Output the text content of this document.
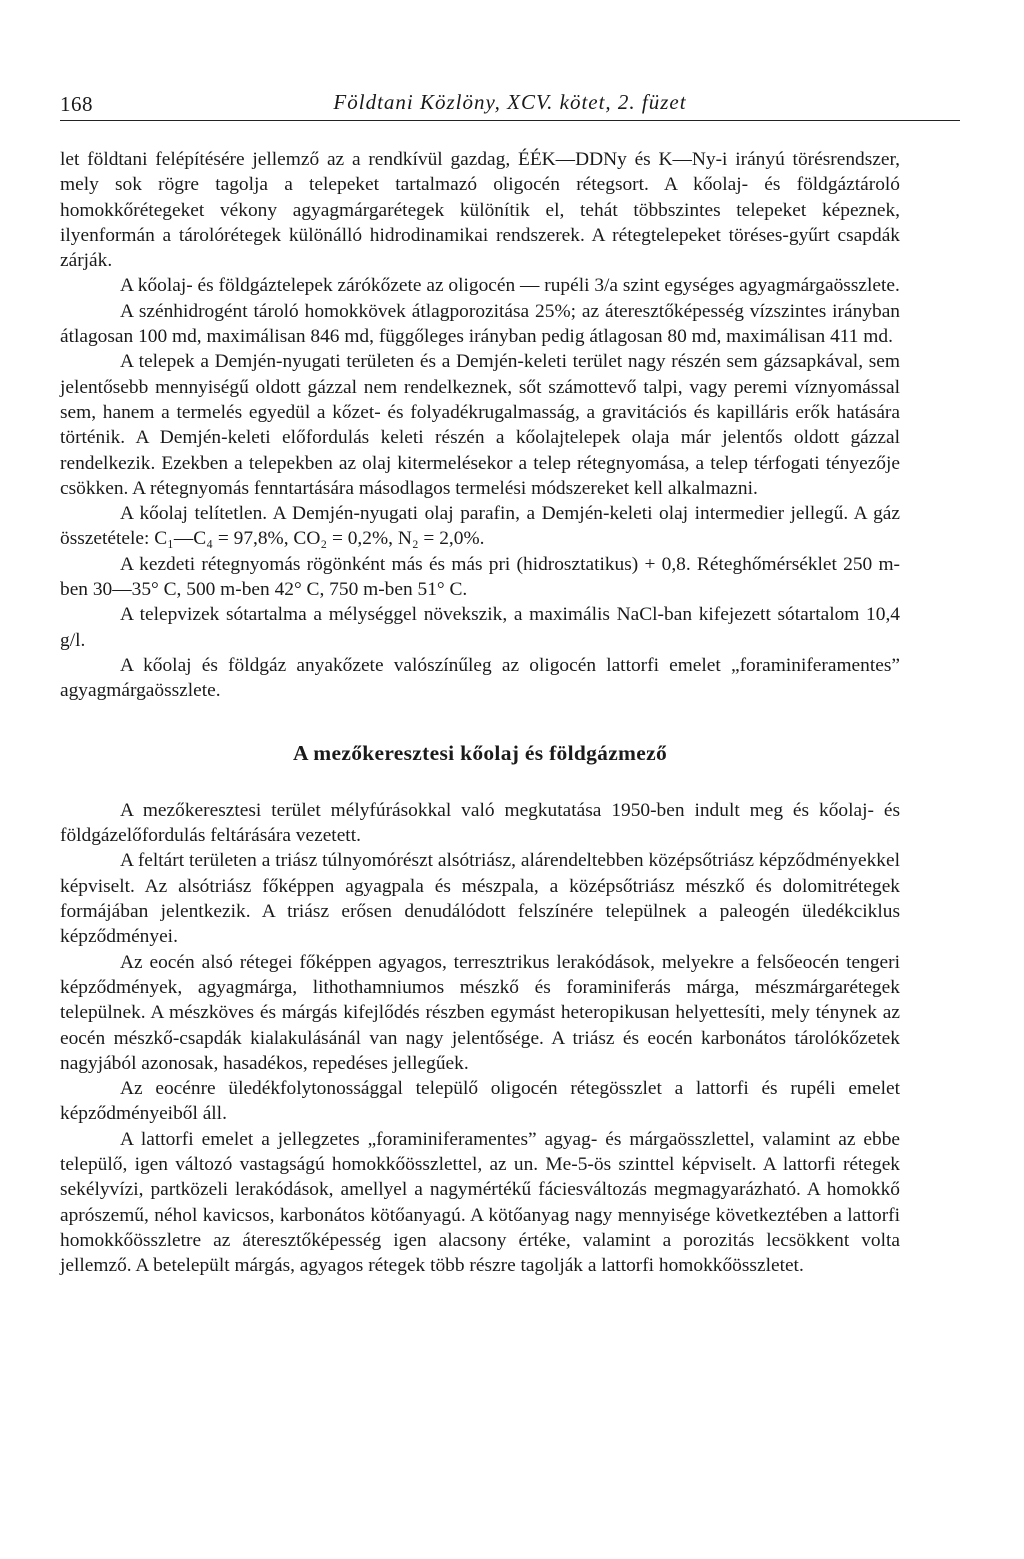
168	Földtani Közlöny, XCV. kötet, 2. füzet

let földtani felépítésére jellemző az a rendkívül gazdag, ÉÉK—DDNy és K—Ny-i irányú törésrendszer, mely sok rögre tagolja a telepeket tartalmazó oligocén rétegsort. A kőolaj- és földgáztároló homokkőrétegeket vékony agyagmárgarétegek különítik el, tehát többszintes telepeket képeznek, ilyenformán a tárolórétegek különálló hidrodinamikai rendszerek. A rétegtelepeket töréses-gyűrt csapdák zárják.

A kőolaj- és földgáztelepek zárókőzete az oligocén — rupéli 3/a szint egységes agyagmárgaösszlete.

A szénhidrogént tároló homokkövek átlagporozitása 25%; az áteresztőképesség vízszintes irányban átlagosan 100 md, maximálisan 846 md, függőleges irányban pedig átlagosan 80 md, maximálisan 411 md.

A telepek a Demjén-nyugati területen és a Demjén-keleti terület nagy részén sem gázsapkával, sem jelentősebb mennyiségű oldott gázzal nem rendelkeznek, sőt számottevő talpi, vagy peremi víznyomással sem, hanem a termelés egyedül a kőzet- és folyadékrugalmasság, a gravitációs és kapilláris erők hatására történik. A Demjén-keleti előfordulás keleti részén a kőolajtelepek olaja már jelentős oldott gázzal rendelkezik. Ezekben a telepekben az olaj kitermelésekor a telep rétegnyomása, a telep térfogati tényezője csökken. A rétegnyomás fenntartására másodlagos termelési módszereket kell alkalmazni.

A kőolaj telítetlen. A Demjén-nyugati olaj parafin, a Demjén-keleti olaj intermedier jellegű. A gáz összetétele: C₁—C₄ = 97,8%, CO₂ = 0,2%, N₂ = 2,0%.

A kezdeti rétegnyomás rögönként más és más pri (hidrosztatikus) + 0,8. Réteghőmérséklet 250 m-ben 30—35° C, 500 m-ben 42° C, 750 m-ben 51° C.

A telepvizek sótartalma a mélységgel növekszik, a maximális NaCl-ban kifejezett sótartalom 10,4 g/l.

A kőolaj és földgáz anyakőzete valószínűleg az oligocén lattorfi emelet „foraminiferamentes” agyagmárgaösszlete.

A mezőkeresztesi kőolaj és földgázmező

A mezőkeresztesi terület mélyfúrásokkal való megkutatása 1950-ben indult meg és kőolaj- és földgázelőfordulás feltárására vezetett.

A feltárt területen a triász túlnyomórészt alsótriász, alárendeltebben középsőtriász képződményekkel képviselt. Az alsótriász főképpen agyagpala és mészpala, a középsőtriász mészkő és dolomitrétegek formájában jelentkezik. A triász erősen denudálódott felszínére települnek a paleogén üledékciklus képződményei.

Az eocén alsó rétegei főképpen agyagos, terresztrikus lerakódások, melyekre a felsőeocén tengeri képződmények, agyagmárga, lithothamniumos mészkő és foraminiferás márga, mészmárgarétegek települnek. A mészköves és márgás kifejlődés részben egymást heteropikusan helyettesíti, mely ténynek az eocén mészkő-csapdák kialakulásánál van nagy jelentősége. A triász és eocén karbonátos tárolókőzetek nagyjából azonosak, hasadékos, repedéses jellegűek.

Az eocénre üledékfolytonossággal települő oligocén rétegösszlet a lattorfi és rupéli emelet képződményeiből áll.

A lattorfi emelet a jellegzetes „foraminiferamentes” agyag- és márgaösszlettel, valamint az ebbe települő, igen változó vastagságú homokkőösszlettel, az un. Me-5-ös szinttel képviselt. A lattorfi rétegek sekélyvízi, partközeli lerakódások, amellyel a nagymértékű fáciesváltozás megmagyarázható. A homokkő aprószemű, néhol kavicsos, karbonátos kötőanyagú. A kötőanyag nagy mennyisége következtében a lattorfi homokkőösszletre az áteresztőképesség igen alacsony értéke, valamint a porozitás lecsökkent volta jellemző. A betelepült márgás, agyagos rétegek több részre tagolják a lattorfi homokkőösszletet.
